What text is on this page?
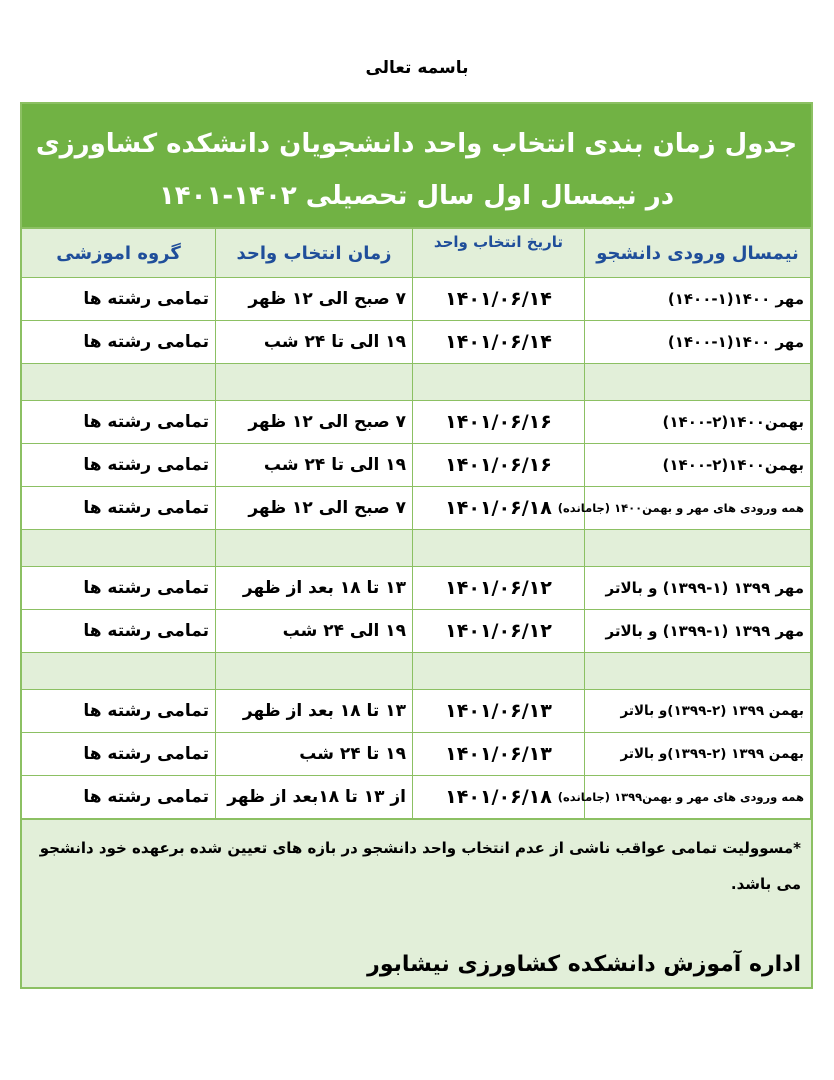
باسمه تعالی
جدول زمان بندی انتخاب واحد دانشجویان دانشکده کشاورزی
در نیمسال اول سال تحصیلی ۱۴۰۲-۱۴۰۱
نیمسال ورودی دانشجو	تاریخ انتخاب واحد	زمان انتخاب واحد	گروه اموزشی
مهر ۱۴۰۰(۱-۱۴۰۰)	۱۴۰۱/۰۶/۱۴	۷ صبح الی ۱۲ ظهر	تمامی رشته ها
مهر ۱۴۰۰(۱-۱۴۰۰)	۱۴۰۱/۰۶/۱۴	۱۹ الی تا ۲۴ شب	تمامی رشته ها

بهمن۱۴۰۰(۲-۱۴۰۰)	۱۴۰۱/۰۶/۱۶	۷ صبح الی ۱۲ ظهر	تمامی رشته ها
بهمن۱۴۰۰(۲-۱۴۰۰)	۱۴۰۱/۰۶/۱۶	۱۹ الی تا ۲۴ شب	تمامی رشته ها
همه ورودی های مهر و بهمن۱۴۰۰ (جامانده)	۱۴۰۱/۰۶/۱۸	۷ صبح الی ۱۲ ظهر	تمامی رشته ها

مهر ۱۳۹۹ (۱-۱۳۹۹) و بالاتر	۱۴۰۱/۰۶/۱۲	۱۳ تا ۱۸ بعد از ظهر	تمامی رشته ها
مهر ۱۳۹۹ (۱-۱۳۹۹) و بالاتر	۱۴۰۱/۰۶/۱۲	۱۹ الی ۲۴ شب	تمامی رشته ها

بهمن ۱۳۹۹ (۲-۱۳۹۹)و بالاتر	۱۴۰۱/۰۶/۱۳	۱۳ تا ۱۸ بعد از ظهر	تمامی رشته ها
بهمن ۱۳۹۹ (۲-۱۳۹۹)و بالاتر	۱۴۰۱/۰۶/۱۳	۱۹ تا ۲۴ شب	تمامی رشته ها
همه ورودی های مهر و بهمن۱۳۹۹ (جامانده)	۱۴۰۱/۰۶/۱۸	از ۱۳ تا ۱۸بعد از ظهر	تمامی رشته ها
*مسوولیت تمامی عواقب ناشی از عدم انتخاب واحد دانشجو در بازه های تعیین شده برعهده خود دانشجو می باشد.
اداره آموزش دانشکده کشاورزی نیشابور
